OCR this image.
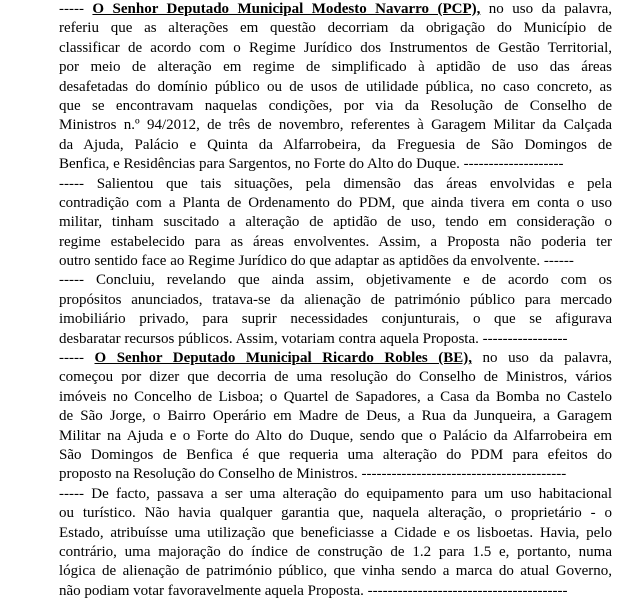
----- O Senhor Deputado Municipal Modesto Navarro (PCP), no uso da palavra,
referiu que as alterações em questão decorriam da obrigação do Município de
classificar de acordo com o Regime Jurídico dos Instrumentos de Gestão Territorial,
por meio de alteração em regime de simplificado à aptidão de uso das áreas
desafetadas do domínio público ou de usos de utilidade pública, no caso concreto, as
que se encontravam naquelas condições, por via da Resolução de Conselho de
Ministros n.º 94/2012, de três de novembro, referentes à Garagem Militar da Calçada
da Ajuda, Palácio e Quinta da Alfarrobeira, da Freguesia de São Domingos de
Benfica, e Residências para Sargentos, no Forte do Alto do Duque. --------------------
----- Salientou que tais situações, pela dimensão das áreas envolvidas e pela
contradição com a Planta de Ordenamento do PDM, que ainda tivera em conta o uso
militar, tinham suscitado a alteração de aptidão de uso, tendo em consideração o
regime estabelecido para as áreas envolventes. Assim, a Proposta não poderia ter
outro sentido face ao Regime Jurídico do que adaptar as aptidões da envolvente. ------
----- Concluiu, revelando que ainda assim, objetivamente e de acordo com os
propósitos anunciados, tratava-se da alienação de património público para mercado
imobiliário privado, para suprir necessidades conjunturais, o que se afigurava
desbaratar recursos públicos. Assim, votariam contra aquela Proposta. -----------------
----- O Senhor Deputado Municipal Ricardo Robles (BE), no uso da palavra,
começou por dizer que decorria de uma resolução do Conselho de Ministros, vários
imóveis no Concelho de Lisboa; o Quartel de Sapadores, a Casa da Bomba no Castelo
de São Jorge, o Bairro Operário em Madre de Deus, a Rua da Junqueira, a Garagem
Militar na Ajuda e o Forte do Alto do Duque, sendo que o Palácio da Alfarrobeira em
São Domingos de Benfica é que requeria uma alteração do PDM para efeitos do
proposto na Resolução do Conselho de Ministros. -----------------------------------------
----- De facto, passava a ser uma alteração do equipamento para um uso habitacional
ou turístico. Não havia qualquer garantia que, naquela alteração, o proprietário - o
Estado, atribuísse uma utilização que beneficiasse a Cidade e os lisboetas. Havia, pelo
contrário, uma majoração do índice de construção de 1.2 para 1.5 e, portanto, numa
lógica de alienação de património público, que vinha sendo a marca do atual Governo,
não podiam votar favoravelmente aquela Proposta. ----------------------------------------
